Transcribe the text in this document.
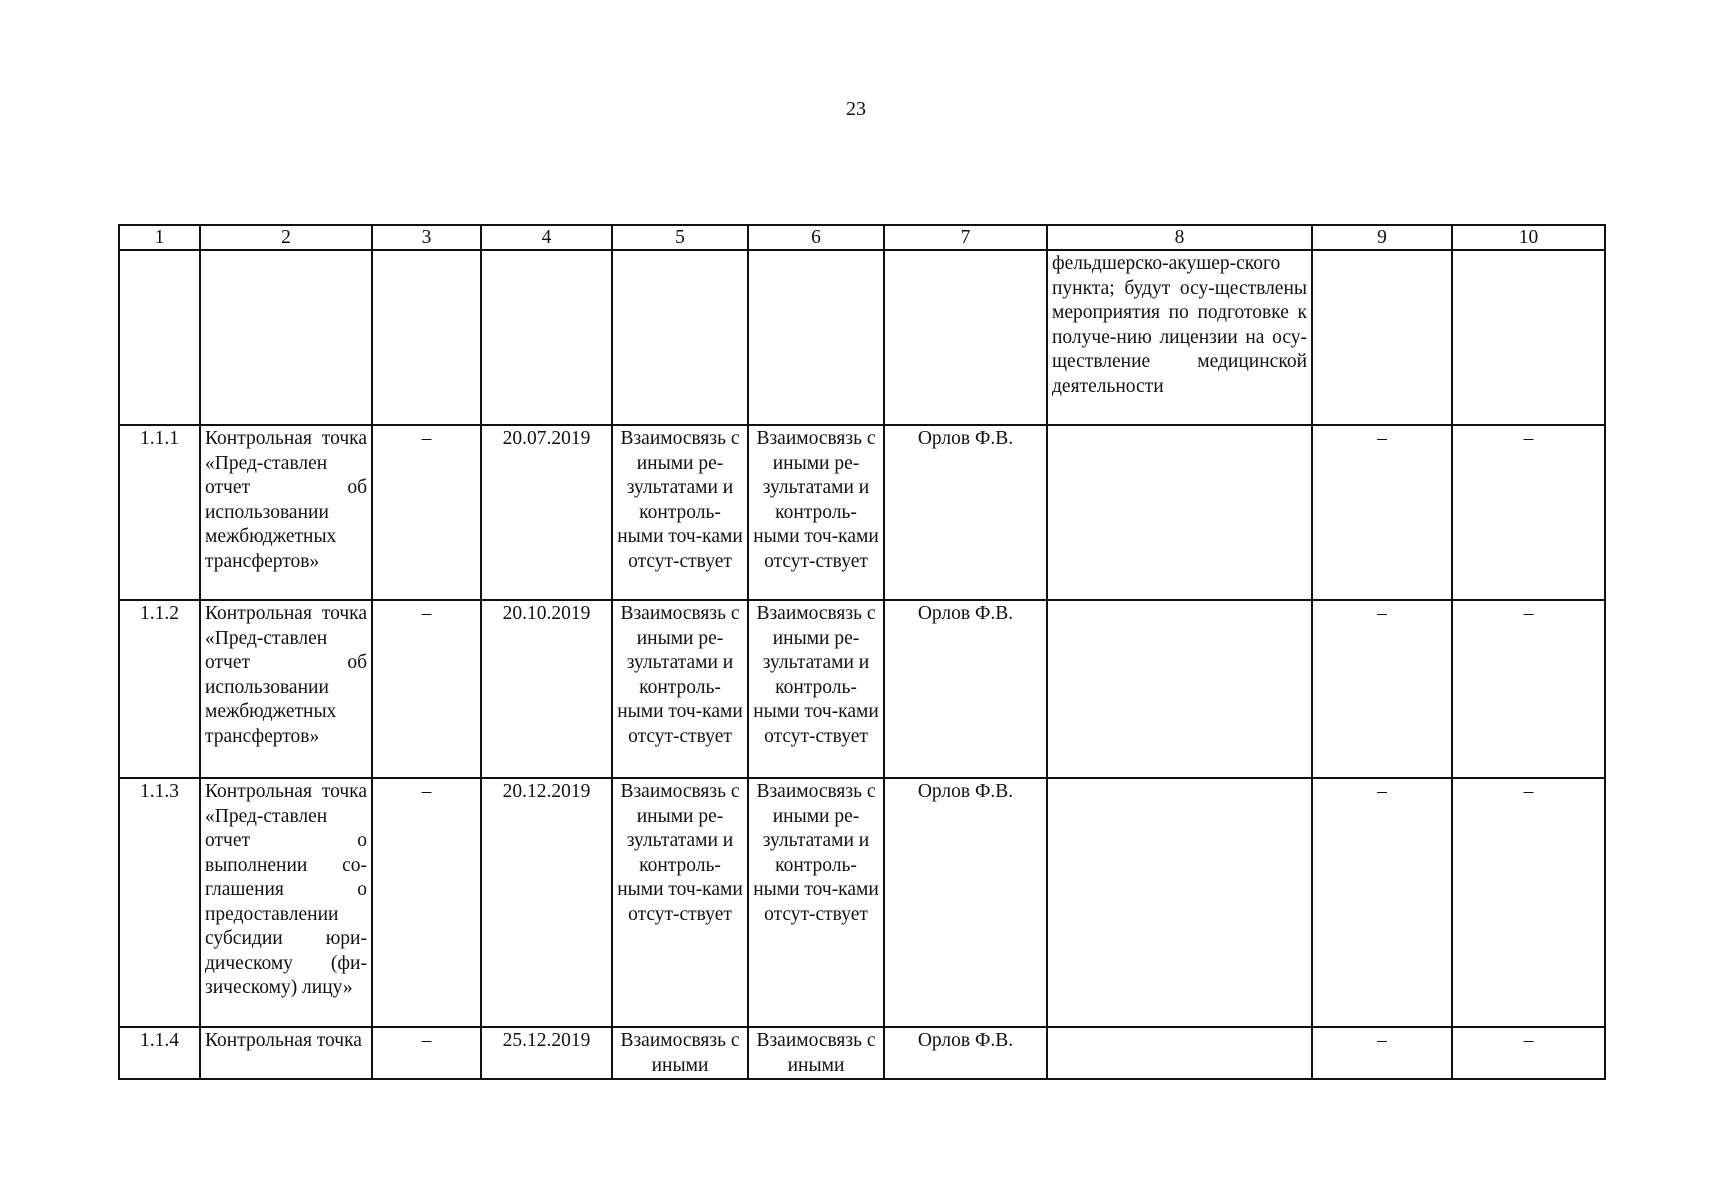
23
1	2	3	4	5	6	7	8	9	10
							фельдшерско-акушер-ского пункта; будут осу-ществлены мероприятия по подготовке к получе-нию лицензии на осу-ществление медицинской деятельности		
1.1.1	Контрольная точка «Пред-ставлен отчет об использовании межбюджетных трансфертов»	–	20.07.2019	Взаимосвязь с иными ре-зультатами и контроль-ными точ-ками отсут-ствует	Взаимосвязь с иными ре-зультатами и контроль-ными точ-ками отсут-ствует	Орлов Ф.В.		–	–
1.1.2	Контрольная точка «Пред-ставлен отчет об использовании межбюджетных трансфертов»	–	20.10.2019	Взаимосвязь с иными ре-зультатами и контроль-ными точ-ками отсут-ствует	Взаимосвязь с иными ре-зультатами и контроль-ными точ-ками отсут-ствует	Орлов Ф.В.		–	–
1.1.3	Контрольная точка «Пред-ставлен отчет о выполнении со-глашения о предоставлении субсидии юри-дическому (фи-зическому) лицу»	–	20.12.2019	Взаимосвязь с иными ре-зультатами и контроль-ными точ-ками отсут-ствует	Взаимосвязь с иными ре-зультатами и контроль-ными точ-ками отсут-ствует	Орлов Ф.В.		–	–
1.1.4	Контрольная точка	–	25.12.2019	Взаимосвязь с иными	Взаимосвязь с иными	Орлов Ф.В.		–	–
